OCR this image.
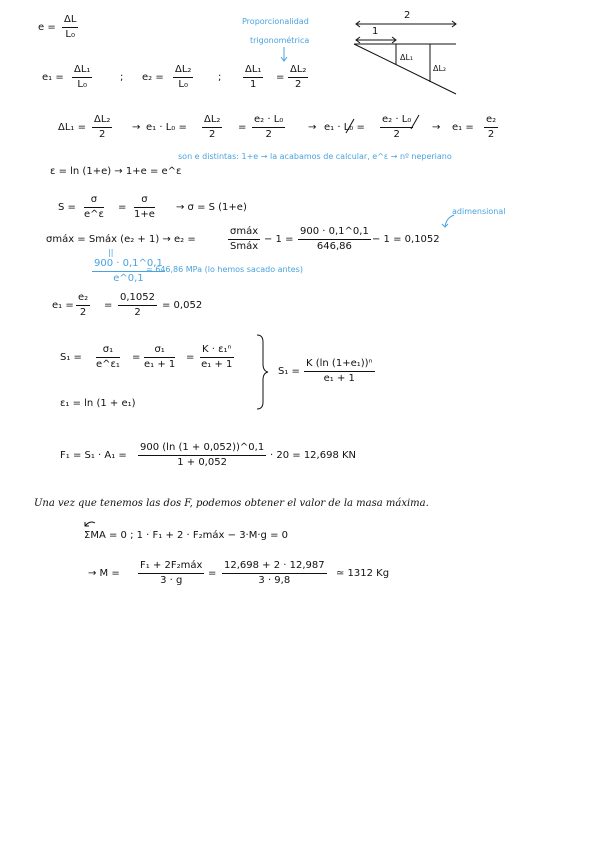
$e = \frac{\Delta L}{\text{L₀}}$	Proporcionalidad
trigonométrica
2
1
ΔL₁
ΔL₂
$e_1 = \frac{\text{ΔL₁}}{\text{L₀}}$	; $e_2 = \frac{\text{ΔL₂}}{\text{L₀}}$ ; $\frac{\text{ΔL₁}}{1} = \frac{\text{ΔL₂}}{2}$
$\Delta L_1 = \frac{\text{ΔL₂}}{2} \to e_1 \cdot L_0 = \frac{\text{ΔL₂}}{2} = \frac{\text{e₂ · L₀}}{2} \to e_1 \cdot L_0 = \frac{\text{e₂ · L₀}}{2} \to e_1 = \frac{\text{e₂}}{2}$
ε = ln (1+e) → 1+e = e^ε
son e distintas: 1+e → la acabamos de calcular, e^ε → nº neperiano
$S = \frac{\sigma}{e\^{}\varepsilon} = \frac{\sigma}{1+e} \to \sigma = S$ (1+e)	adimensional
σmáx = Smáx (e₂ + 1) → e₂ =
σmáx
Smáx
− $1 = \frac{900 \cdot 0,1\^{}0,1}{646,86} - 1 = 0,1052$
||
$\frac{900 \cdot 0,1\^{}0,1}{e\^{}0,1}$
= 646,86 MPa (lo hemos sacado antes)
$e_1 = \frac{\text{e₂}}{2} = \frac{0,1052}{2} = 0,052$
$S_1 = \frac{\text{σ₁}}{\text{e\textasciicircum{}ε₁}} = \frac{\text{σ₁}}{\text{e₁ + 1}} = \frac{\text{K · ε₁ⁿ}}{\text{e₁ + 1}}$
ε₁ = ln (1 + e₁)
$S_1 = \frac{\text{K (ln (1+e₁))ⁿ}}{\text{e₁ + 1}}$
$F_1 = S_1 \cdot A_1 = \frac{900 (\ln (1 + 0,052))\^{}0,1}{1 + 0,052} \cdot 20 = 12,698$ KN
Una vez que tenemos las dos F, podemos obtener el valor de la masa máxima.
ΣMA = 0 ; 1 · F₁ + 2 · F₂máx − 3·M·g = 0
→ M =
F₁ + 2F₂máx
3 · g
= $\frac{12,698 + 2 \cdot 12,987}{3 \cdot 9,8}$ ≃ 1312 Kg
